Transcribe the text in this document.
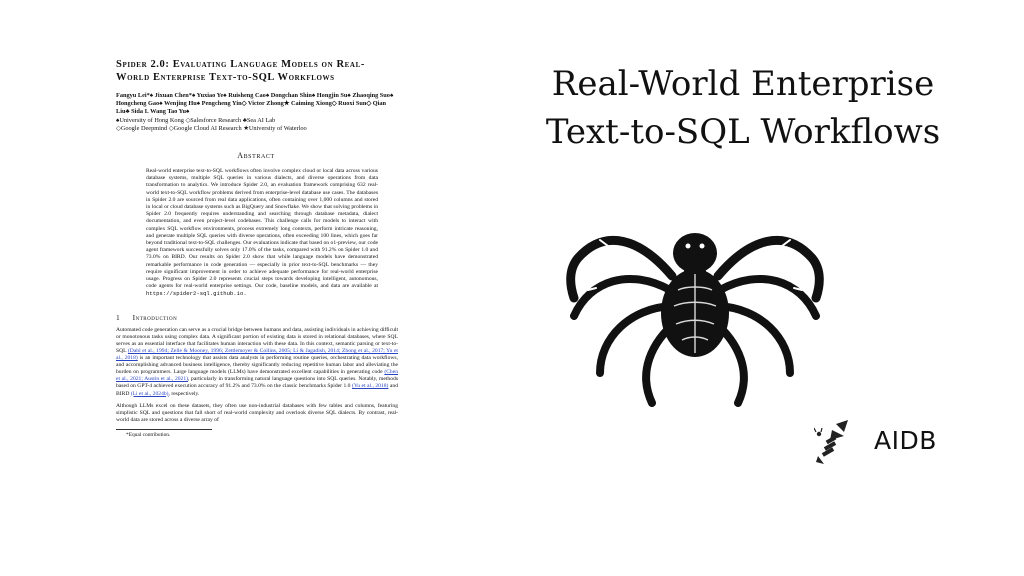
Spider 2.0: Evaluating Language Models on Real-World Enterprise Text-to-SQL Workflows
Fangyu Lei*♠ Jixuan Chen*♠ Yuxiao Ye♠ Ruisheng Cao♠ Dongchan Shin♠ Hongjin Su♠ Zhaoqing Suo♠ Hongcheng Gao♠ Wenjing Hu♠ Pengcheng Yin◇ Victor Zhong★ Caiming Xiong◇ Ruoxi Sun◇ Qian Liu♣ Sida I. Wang Tao Yu♠
♠University of Hong Kong ◇Salesforce Research ♣Sea AI Lab
◇Google Deepmind ◇Google Cloud AI Research ★University of Waterloo
Abstract
Real-world enterprise text-to-SQL workflows often involve complex cloud or local data across various database systems, multiple SQL queries in various dialects, and diverse operations from data transformation to analytics. We introduce Spider 2.0, an evaluation framework comprising 632 real-world text-to-SQL workflow problems derived from enterprise-level database use cases. The databases in Spider 2.0 are sourced from real data applications, often containing over 1,000 columns and stored in local or cloud database systems such as BigQuery and Snowflake. We show that solving problems in Spider 2.0 frequently requires understanding and searching through database metadata, dialect documentation, and even project-level codebases. This challenge calls for models to interact with complex SQL workflow environments, process extremely long contexts, perform intricate reasoning, and generate multiple SQL queries with diverse operations, often exceeding 100 lines, which goes far beyond traditional text-to-SQL challenges. Our evaluations indicate that based on o1-preview, our code agent framework successfully solves only 17.0% of the tasks, compared with 91.2% on Spider 1.0 and 73.0% on BIRD. Our results on Spider 2.0 show that while language models have demonstrated remarkable performance in code generation — especially in prior text-to-SQL benchmarks — they require significant improvement in order to achieve adequate performance for real-world enterprise usage. Progress on Spider 2.0 represents crucial steps towards developing intelligent, autonomous, code agents for real-world enterprise settings. Our code, baseline models, and data are available at https://spider2-sql.github.io.
1 Introduction

Automated code generation can serve as a crucial bridge between humans and data, assisting individuals in achieving difficult or monotonous tasks using complex data. A significant portion of existing data is stored in relational databases, where SQL serves as an essential interface that facilitates human interaction with these data. In this context, semantic parsing or text-to-SQL (Dahl et al., 1994; Zelle & Mooney, 1996; Zettlemoyer & Collins, 2005; Li & Jagadish, 2014; Zhong et al., 2017; Yu et al., 2018) is an important technology that assists data analysts in performing routine queries, orchestrating data workflows, and accomplishing advanced business intelligence, thereby significantly reducing repetitive human labor and alleviating the burden on programmers. Large language models (LLMs) have demonstrated excellent capabilities in generating code (Chen et al., 2021; Austin et al., 2021), particularly in transforming natural language questions into SQL queries. Notably, methods based on GPT-4 achieved execution accuracy of 91.2% and 73.0% on the classic benchmarks Spider 1.0 (Yu et al., 2018) and BIRD (Li et al., 2024b), respectively.

Although LLMs excel on these datasets, they often use non-industrial databases with few tables and columns, featuring simplistic SQL and questions that fall short of real-world complexity and overlook diverse SQL dialects. By contrast, real-world data are stored across a diverse array of

*Equal contribution.
Real-World Enterprise
Text-to-SQL Workflows
AIDB
